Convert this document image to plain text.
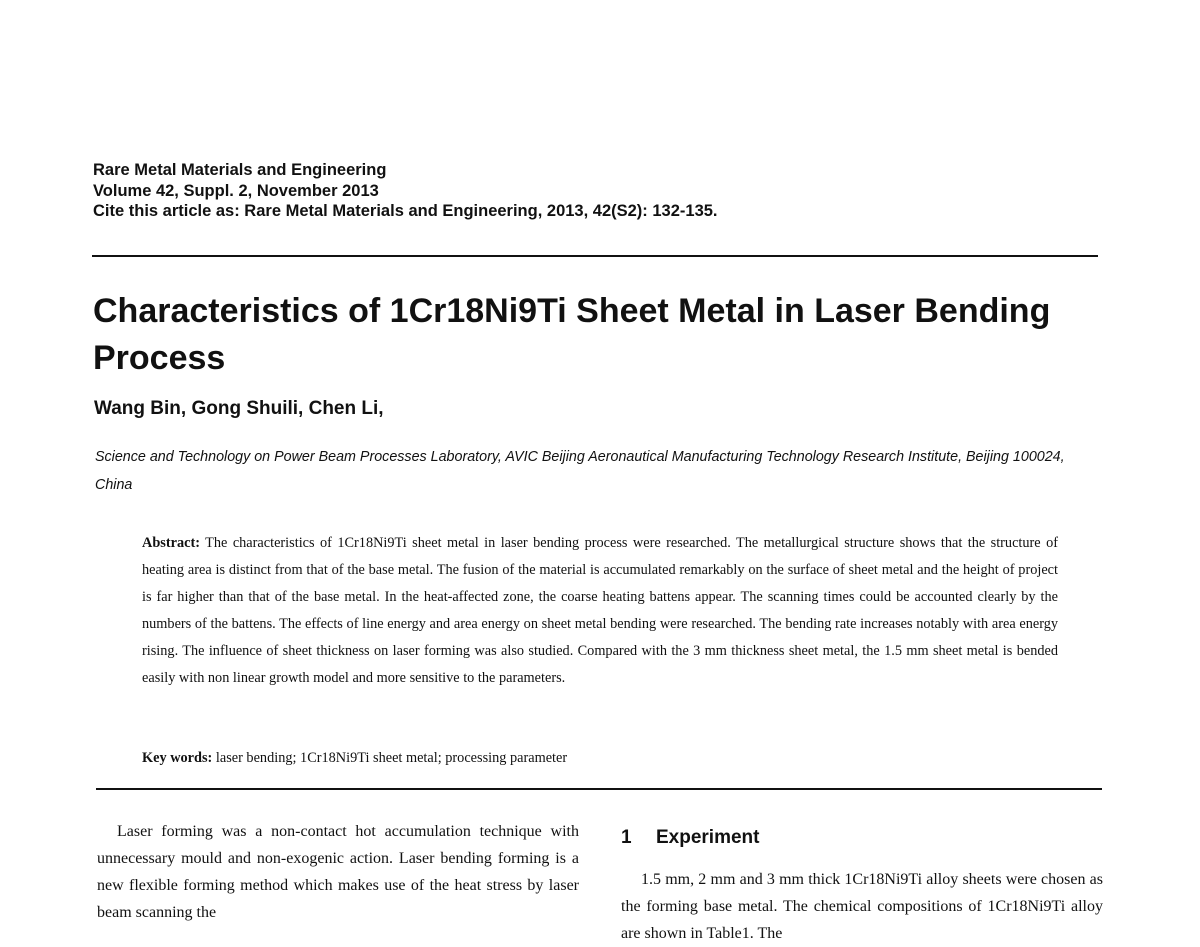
Rare Metal Materials and Engineering
Volume 42, Suppl. 2, November 2013
Cite this article as: Rare Metal Materials and Engineering, 2013, 42(S2): 132-135.
Characteristics of 1Cr18Ni9Ti Sheet Metal in Laser Bending Process
Wang Bin, Gong Shuili, Chen Li,
Science and Technology on Power Beam Processes Laboratory, AVIC Beijing Aeronautical Manufacturing Technology Research Institute, Beijing 100024, China
Abstract: The characteristics of 1Cr18Ni9Ti sheet metal in laser bending process were researched. The metallurgical structure shows that the structure of heating area is distinct from that of the base metal. The fusion of the material is accumulated remarkably on the surface of sheet metal and the height of project is far higher than that of the base metal. In the heat-affected zone, the coarse heating battens appear. The scanning times could be accounted clearly by the numbers of the battens. The effects of line energy and area energy on sheet metal bending were researched. The bending rate increases notably with area energy rising. The influence of sheet thickness on laser forming was also studied. Compared with the 3 mm thickness sheet metal, the 1.5 mm sheet metal is bended easily with non linear growth model and more sensitive to the parameters.
Key words: laser bending; 1Cr18Ni9Ti sheet metal; processing parameter

Laser forming was a non-contact hot accumulation technique with unnecessary mould and non-exogenic action. Laser bending forming is a new flexible forming method which makes use of the heat stress by laser beam scanning the

1 Experiment

1.5 mm, 2 mm and 3 mm thick 1Cr18Ni9Ti alloy sheets were chosen as the forming base metal. The chemical compositions of 1Cr18Ni9Ti alloy are shown in Table1. The
